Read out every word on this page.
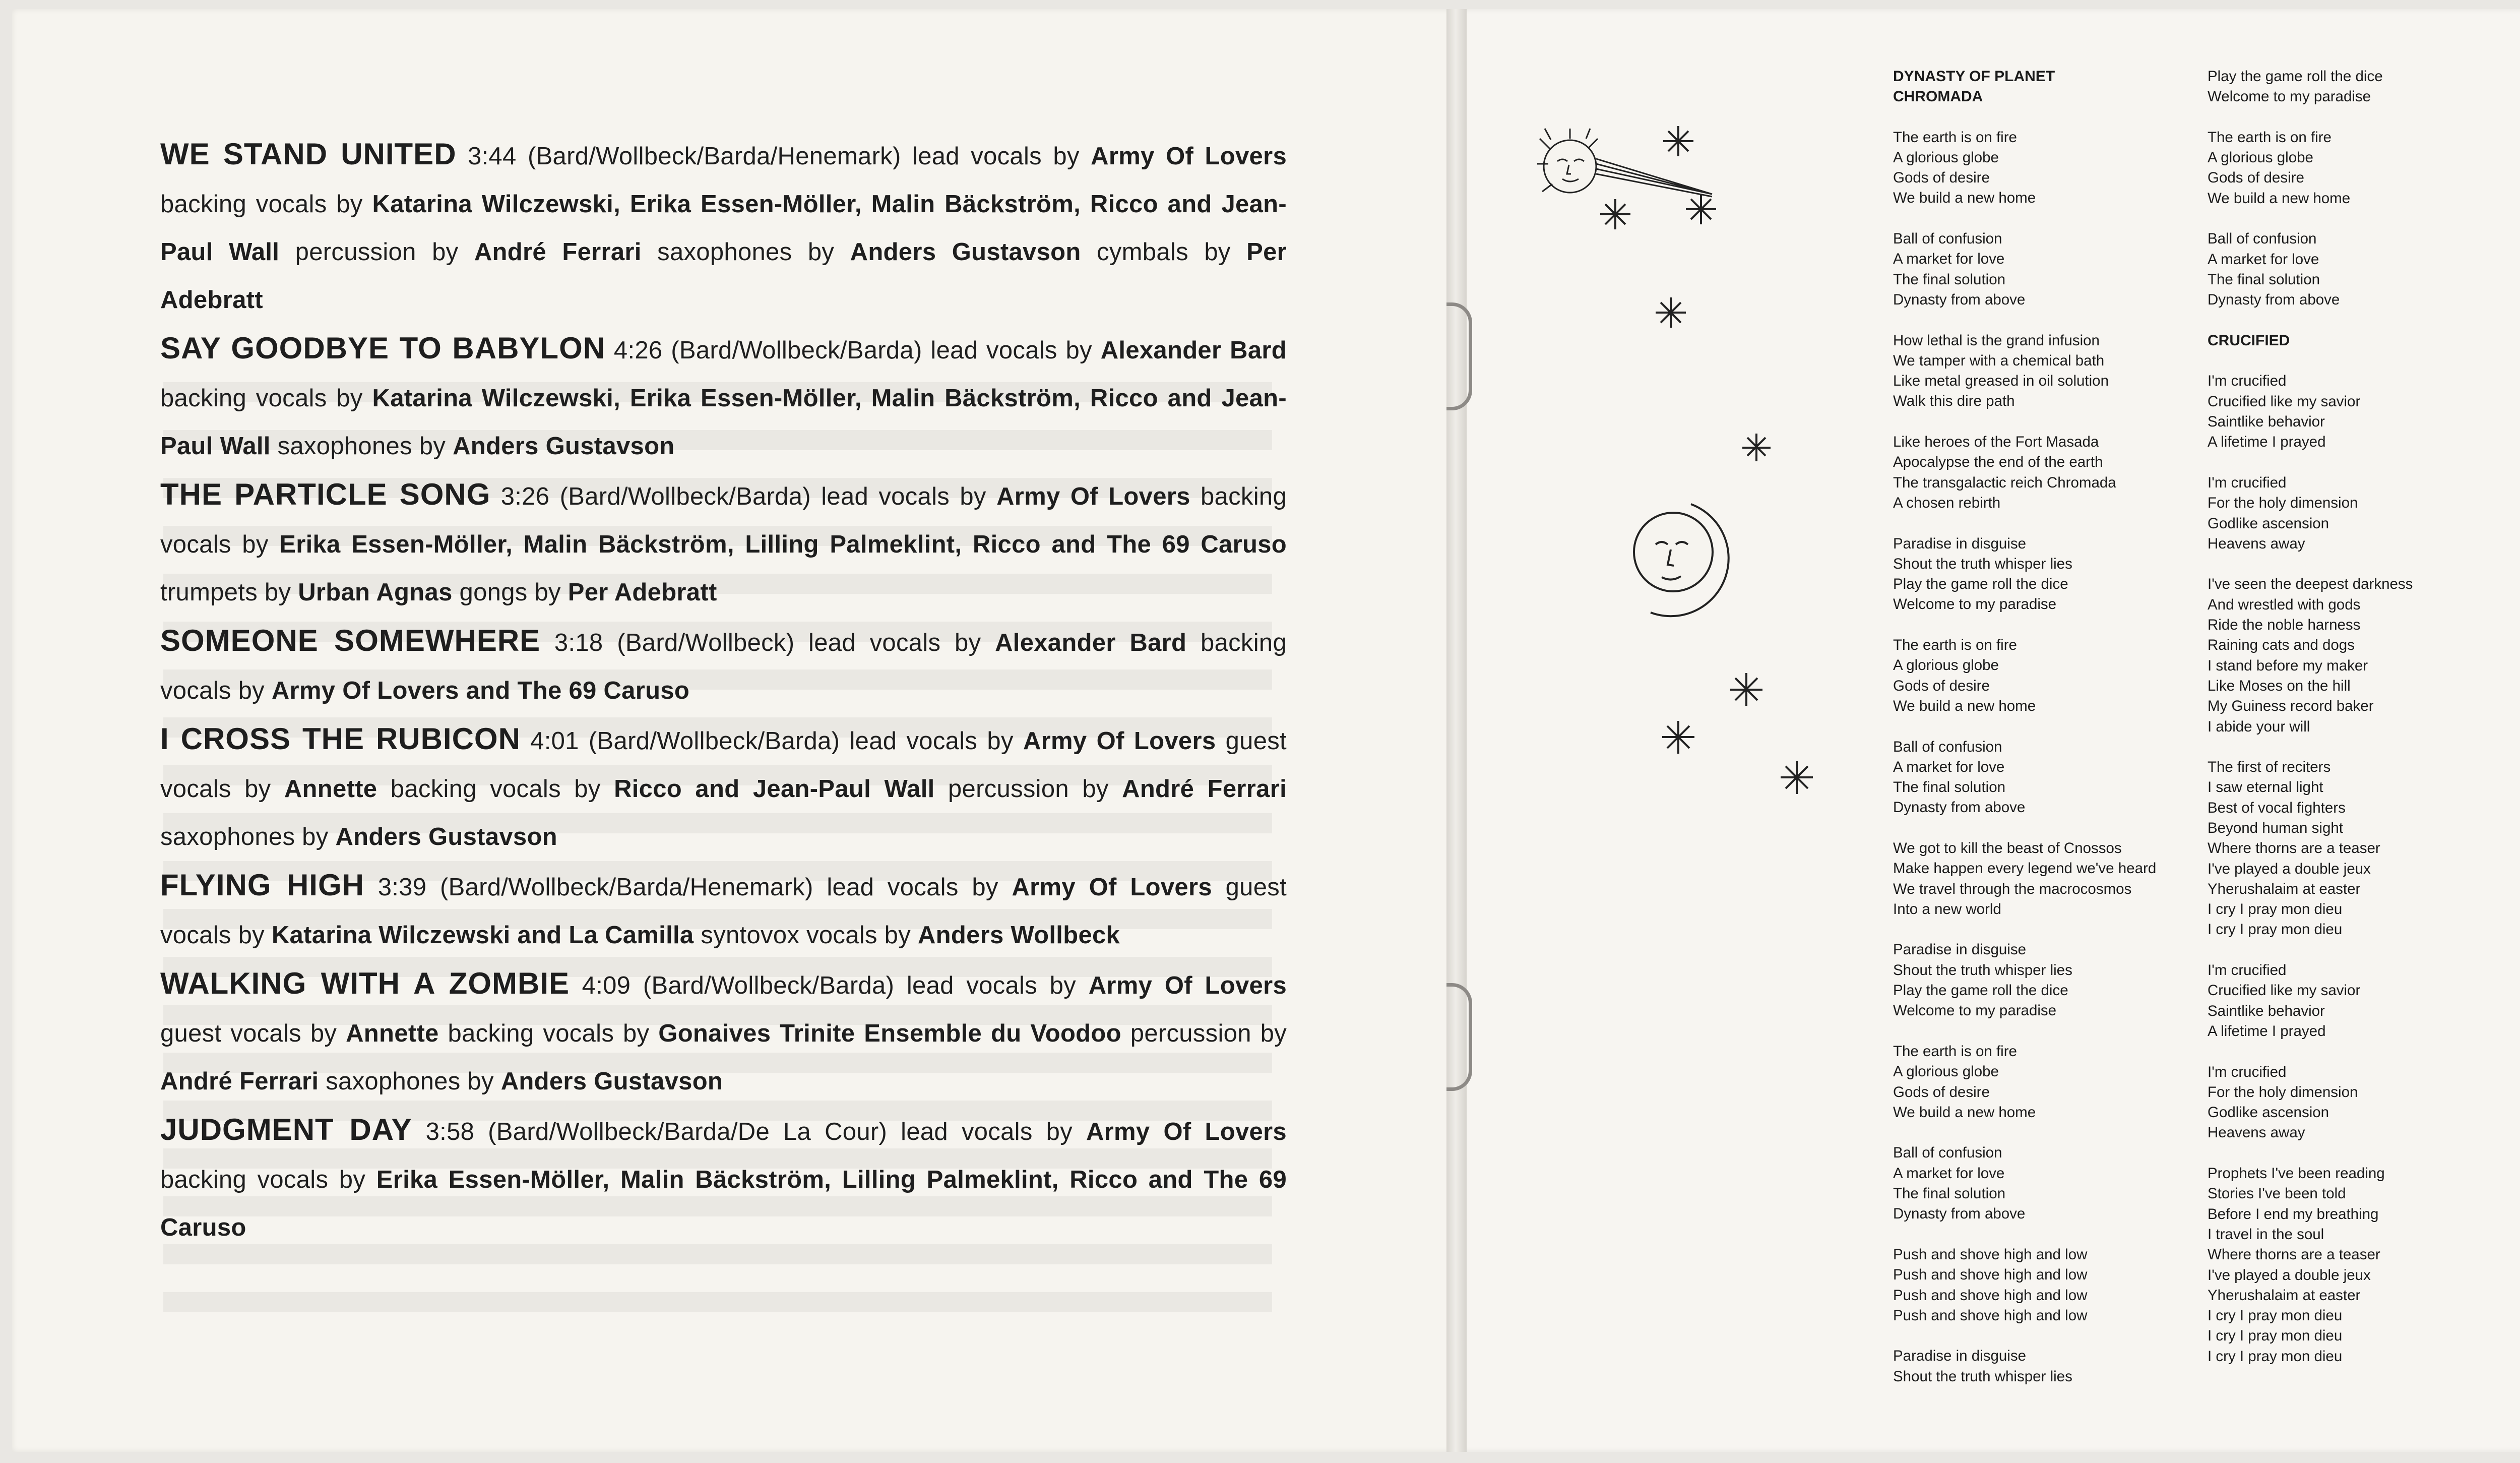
WE STAND UNITED 3:44 (Bard/Wollbeck/Barda/Henemark) lead vocals by Army Of Lovers backing vocals by Katarina Wilczewski, Erika Essen-Möller, Malin Bäckström, Ricco and Jean-Paul Wall percussion by André Ferrari saxophones by Anders Gustavson cymbals by Per Adebratt
SAY GOODBYE TO BABYLON 4:26 (Bard/Wollbeck/Barda) lead vocals by Alexander Bard backing vocals by Katarina Wilczewski, Erika Essen-Möller, Malin Bäckström, Ricco and Jean-Paul Wall saxophones by Anders Gustavson
THE PARTICLE SONG 3:26 (Bard/Wollbeck/Barda) lead vocals by Army Of Lovers backing vocals by Erika Essen-Möller, Malin Bäckström, Lilling Palmeklint, Ricco and The 69 Caruso trumpets by Urban Agnas gongs by Per Adebratt
SOMEONE SOMEWHERE 3:18 (Bard/Wollbeck) lead vocals by Alexander Bard backing vocals by Army Of Lovers and The 69 Caruso
I CROSS THE RUBICON 4:01 (Bard/Wollbeck/Barda) lead vocals by Army Of Lovers guest vocals by Annette backing vocals by Ricco and Jean-Paul Wall percussion by André Ferrari saxophones by Anders Gustavson
FLYING HIGH 3:39 (Bard/Wollbeck/Barda/Henemark) lead vocals by Army Of Lovers guest vocals by Katarina Wilczewski and La Camilla syntovox vocals by Anders Wollbeck
WALKING WITH A ZOMBIE 4:09 (Bard/Wollbeck/Barda) lead vocals by Army Of Lovers guest vocals by Annette backing vocals by Gonaives Trinite Ensemble du Voodoo percussion by André Ferrari saxophones by Anders Gustavson
JUDGMENT DAY 3:58 (Bard/Wollbeck/Barda/De La Cour) lead vocals by Army Of Lovers backing vocals by Erika Essen-Möller, Malin Bäckström, Lilling Palmeklint, Ricco and The 69 Caruso
DYNASTY OF PLANET
CHROMADA
The earth is on fire
A glorious globe
Gods of desire
We build a new home
Ball of confusion
A market for love
The final solution
Dynasty from above
How lethal is the grand infusion
We tamper with a chemical bath
Like metal greased in oil solution
Walk this dire path
Like heroes of the Fort Masada
Apocalypse the end of the earth
The transgalactic reich Chromada
A chosen rebirth
Paradise in disguise
Shout the truth whisper lies
Play the game roll the dice
Welcome to my paradise
The earth is on fire
A glorious globe
Gods of desire
We build a new home
Ball of confusion
A market for love
The final solution
Dynasty from above
We got to kill the beast of Cnossos
Make happen every legend we've heard
We travel through the macrocosmos
Into a new world
Paradise in disguise
Shout the truth whisper lies
Play the game roll the dice
Welcome to my paradise
The earth is on fire
A glorious globe
Gods of desire
We build a new home
Ball of confusion
A market for love
The final solution
Dynasty from above
Push and shove high and low
Push and shove high and low
Push and shove high and low
Push and shove high and low
Paradise in disguise
Shout the truth whisper lies
Play the game roll the dice
Welcome to my paradise
The earth is on fire
A glorious globe
Gods of desire
We build a new home
Ball of confusion
A market for love
The final solution
Dynasty from above
CRUCIFIED
I'm crucified
Crucified like my savior
Saintlike behavior
A lifetime I prayed
I'm crucified
For the holy dimension
Godlike ascension
Heavens away
I've seen the deepest darkness
And wrestled with gods
Ride the noble harness
Raining cats and dogs
I stand before my maker
Like Moses on the hill
My Guiness record baker
I abide your will
The first of reciters
I saw eternal light
Best of vocal fighters
Beyond human sight
Where thorns are a teaser
I've played a double jeux
Yherushalaim at easter
I cry I pray mon dieu
I cry I pray mon dieu
I'm crucified
Crucified like my savior
Saintlike behavior
A lifetime I prayed
I'm crucified
For the holy dimension
Godlike ascension
Heavens away
Prophets I've been reading
Stories I've been told
Before I end my breathing
I travel in the soul
Where thorns are a teaser
I've played a double jeux
Yherushalaim at easter
I cry I pray mon dieu
I cry I pray mon dieu
I cry I pray mon dieu
